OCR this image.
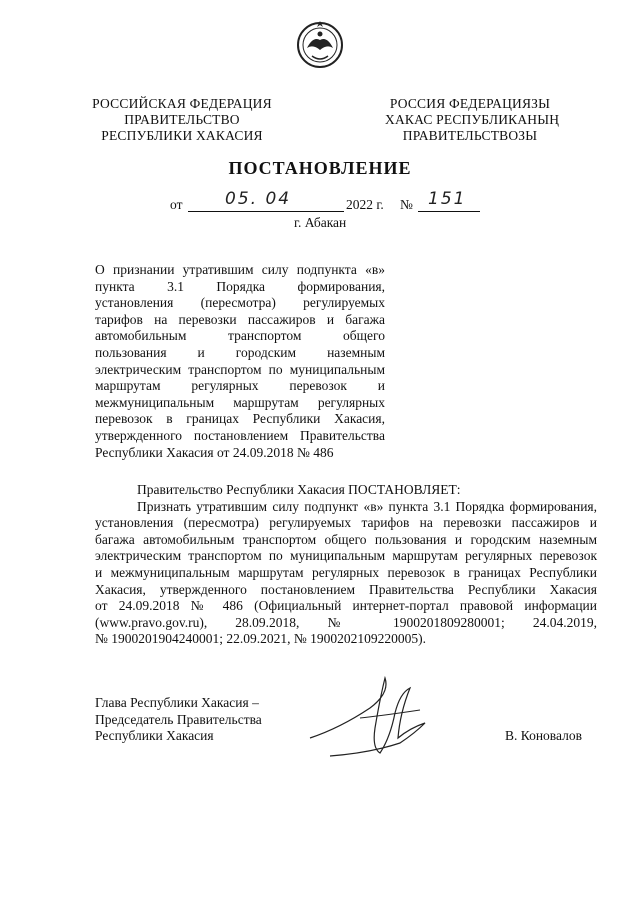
РОССИЙСКАЯ ФЕДЕРАЦИЯ
ПРАВИТЕЛЬСТВО
РЕСПУБЛИКИ ХАКАСИЯ
РОССИЯ ФЕДЕРАЦИЯЗЫ
ХАКАС РЕСПУБЛИКАНЫҢ
ПРАВИТЕЛЬСТВОЗЫ
ПОСТАНОВЛЕНИЕ
от	05. 04	2022 г. № 151
г. Абакан
О признании утратившим силу подпункта «в»
пункта 3.1 Порядка формирования,
установления (пересмотра) регулируемых
тарифов на перевозки пассажиров и багажа
автомобильным транспортом общего
пользования и городским наземным
электрическим транспортом по муниципальным
маршрутам регулярных перевозок и
межмуниципальным маршрутам регулярных
перевозок в границах Республики Хакасия,
утвержденного постановлением Правительства
Республики Хакасия от 24.09.2018 № 486
Правительство Республики Хакасия ПОСТАНОВЛЯЕТ:
Признать утратившим силу подпункт «в» пункта 3.1 Порядка формирования,
установления (пересмотра) регулируемых тарифов на перевозки пассажиров и
багажа автомобильным транспортом общего пользования и городским наземным
электрическим транспортом по муниципальным маршрутам регулярных перевозок
и межмуниципальным маршрутам регулярных перевозок в границах Республики
Хакасия, утвержденного постановлением Правительства Республики Хакасия
от 24.09.2018 № 486 (Официальный интернет-портал правовой информации
(www.pravo.gov.ru), 28.09.2018, № 1900201809280001; 24.04.2019,
№ 1900201904240001; 22.09.2021, № 1900202109220005).
Глава Республики Хакасия –
Председатель Правительства
Республики Хакасия	В. Коновалов
